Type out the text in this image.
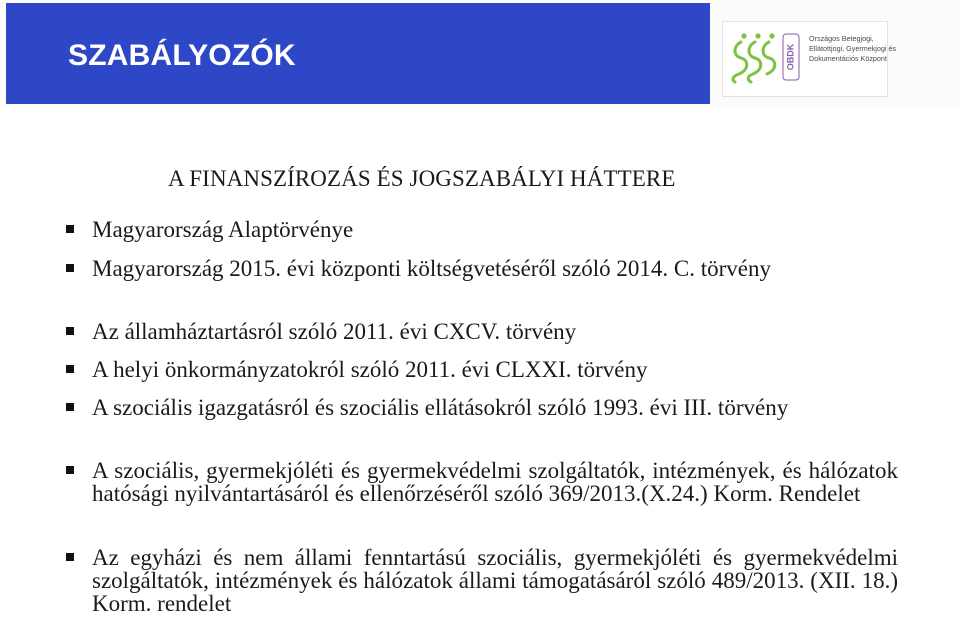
SZABÁLYOZÓK	OBDK
Országos Betegjogi,
Ellátottjogi, Gyermekjogi és
Dokumentációs Központ
A FINANSZÍROZÁS ÉS JOGSZABÁLYI HÁTTERE
Magyarország Alaptörvénye
Magyarország 2015. évi központi költségvetéséről szóló 2014. C. törvény
Az államháztartásról szóló 2011. évi CXCV. törvény
A helyi önkormányzatokról szóló 2011. évi CLXXI. törvény
A szociális igazgatásról és szociális ellátásokról szóló 1993. évi III. törvény
A szociális, gyermekjóléti és gyermekvédelmi szolgáltatók, intézmények, és hálózatok hatósági nyilvántartásáról és ellenőrzéséről szóló 369/2013.(X.24.) Korm. Rendelet
Az egyházi és nem állami fenntartású szociális, gyermekjóléti és gyermekvédelmi szolgáltatók, intézmények és hálózatok állami támogatásáról szóló 489/2013. (XII. 18.) Korm. rendelet
